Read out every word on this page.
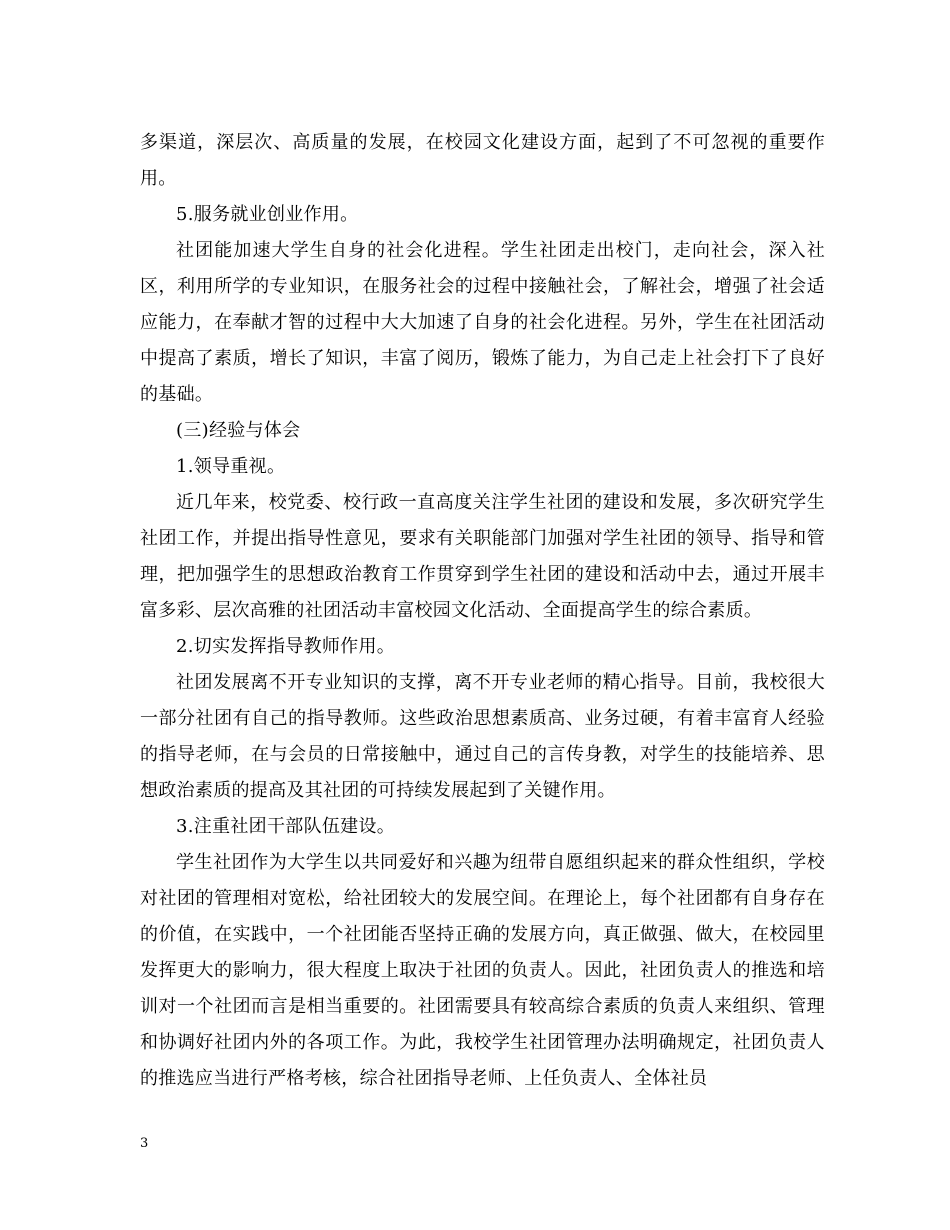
多渠道，深层次、高质量的发展，在校园文化建设方面，起到了不可忽视的重要作用。

5.服务就业创业作用。

社团能加速大学生自身的社会化进程。学生社团走出校门，走向社会，深入社区，利用所学的专业知识，在服务社会的过程中接触社会，了解社会，增强了社会适应能力，在奉献才智的过程中大大加速了自身的社会化进程。另外，学生在社团活动中提高了素质，增长了知识，丰富了阅历，锻炼了能力，为自己走上社会打下了良好的基础。

(三)经验与体会

1.领导重视。

近几年来，校党委、校行政一直高度关注学生社团的建设和发展，多次研究学生社团工作，并提出指导性意见，要求有关职能部门加强对学生社团的领导、指导和管理，把加强学生的思想政治教育工作贯穿到学生社团的建设和活动中去，通过开展丰富多彩、层次高雅的社团活动丰富校园文化活动、全面提高学生的综合素质。

2.切实发挥指导教师作用。

社团发展离不开专业知识的支撑，离不开专业老师的精心指导。目前，我校很大一部分社团有自己的指导教师。这些政治思想素质高、业务过硬，有着丰富育人经验的指导老师，在与会员的日常接触中，通过自己的言传身教，对学生的技能培养、思想政治素质的提高及其社团的可持续发展起到了关键作用。

3.注重社团干部队伍建设。

学生社团作为大学生以共同爱好和兴趣为纽带自愿组织起来的群众性组织，学校对社团的管理相对宽松，给社团较大的发展空间。在理论上，每个社团都有自身存在的价值，在实践中，一个社团能否坚持正确的发展方向，真正做强、做大，在校园里发挥更大的影响力，很大程度上取决于社团的负责人。因此，社团负责人的推选和培训对一个社团而言是相当重要的。社团需要具有较高综合素质的负责人来组织、管理和协调好社团内外的各项工作。为此，我校学生社团管理办法明确规定，社团负责人的推选应当进行严格考核，综合社团指导老师、上任负责人、全体社员

3
